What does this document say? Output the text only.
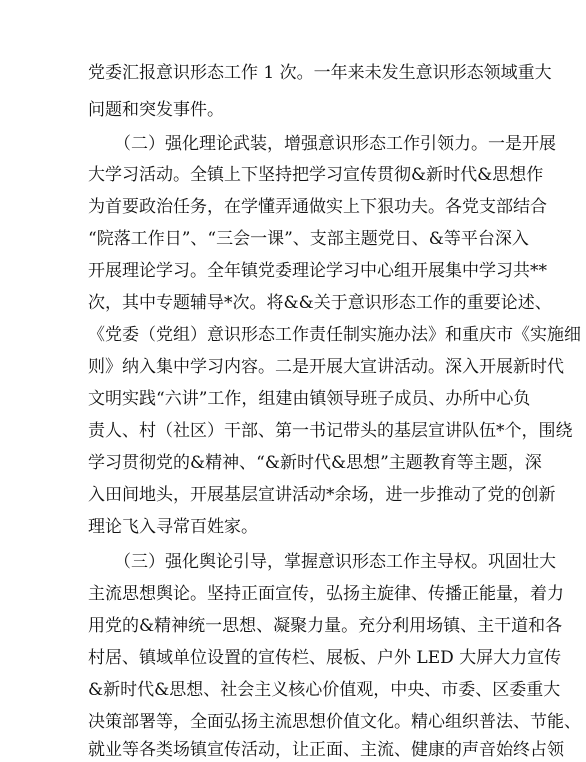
党委汇报意识形态工作 1 次。一年来未发生意识形态领域重大
问题和突发事件。
（二）强化理论武装，增强意识形态工作引领力。一是开展
大学习活动。全镇上下坚持把学习宣传贯彻&新时代&思想作
为首要政治任务，在学懂弄通做实上下狠功夫。各党支部结合
“院落工作日”、“三会一课”、支部主题党日、&等平台深入
开展理论学习。全年镇党委理论学习中心组开展集中学习共**
次，其中专题辅导*次。将&&关于意识形态工作的重要论述、
《党委（党组）意识形态工作责任制实施办法》和重庆市《实施细
则》纳入集中学习内容。二是开展大宣讲活动。深入开展新时代
文明实践“六讲”工作，组建由镇领导班子成员、办所中心负
责人、村（社区）干部、第一书记带头的基层宣讲队伍*个，围绕
学习贯彻党的&精神、“&新时代&思想”主题教育等主题，深
入田间地头，开展基层宣讲活动*余场，进一步推动了党的创新
理论飞入寻常百姓家。
（三）强化舆论引导，掌握意识形态工作主导权。巩固壮大
主流思想舆论。坚持正面宣传，弘扬主旋律、传播正能量，着力
用党的&精神统一思想、凝聚力量。充分利用场镇、主干道和各
村居、镇域单位设置的宣传栏、展板、户外 LED 大屏大力宣传
&新时代&思想、社会主义核心价值观，中央、市委、区委重大
决策部署等，全面弘扬主流思想价值文化。精心组织普法、节能、
就业等各类场镇宣传活动，让正面、主流、健康的声音始终占领
